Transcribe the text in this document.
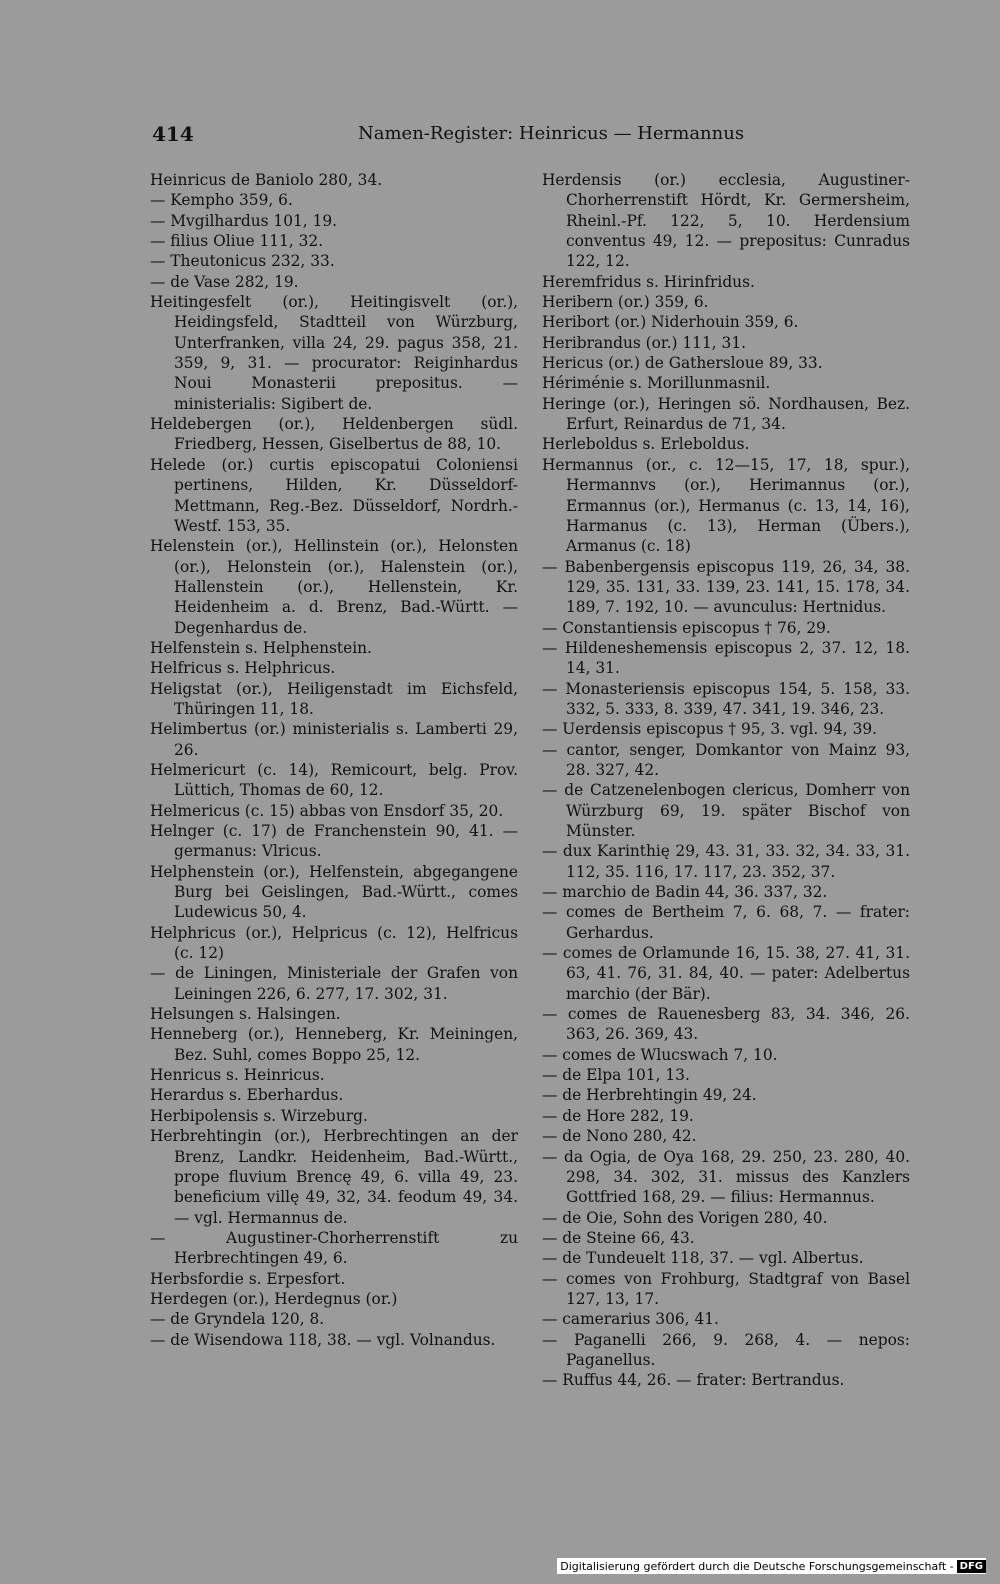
414	Namen-Register: Heinricus — Hermannus

Heinricus de Baniolo 280, 34.

— Kempho 359, 6.

— Mvgilhardus 101, 19.

— filius Oliue 111, 32.

— Theutonicus 232, 33.

— de Vase 282, 19.

Heitingesfelt (or.), Heitingisvelt (or.), Heidingsfeld, Stadtteil von Würzburg, Unterfranken, villa 24, 29. pagus 358, 21. 359, 9, 31. — procurator: Reiginhardus Noui Monasterii prepositus. — ministerialis: Sigibert de.

Heldebergen (or.), Heldenbergen südl. Friedberg, Hessen, Giselbertus de 88, 10.

Helede (or.) curtis episcopatui Coloniensi pertinens, Hilden, Kr. Düsseldorf-Mettmann, Reg.-Bez. Düsseldorf, Nordrh.-Westf. 153, 35.

Helenstein (or.), Hellinstein (or.), Helonsten (or.), Helonstein (or.), Halenstein (or.), Hallenstein (or.), Hellenstein, Kr. Heidenheim a. d. Brenz, Bad.-Württ. — Degenhardus de.

Helfenstein s. Helphenstein.

Helfricus s. Helphricus.

Heligstat (or.), Heiligenstadt im Eichsfeld, Thüringen 11, 18.

Helimbertus (or.) ministerialis s. Lamberti 29, 26.

Helmericurt (c. 14), Remicourt, belg. Prov. Lüttich, Thomas de 60, 12.

Helmericus (c. 15) abbas von Ensdorf 35, 20.

Helnger (c. 17) de Franchenstein 90, 41. — germanus: Vlricus.

Helphenstein (or.), Helfenstein, abgegangene Burg bei Geislingen, Bad.-Württ., comes Ludewicus 50, 4.

Helphricus (or.), Helpricus (c. 12), Helfricus (c. 12)

— de Liningen, Ministeriale der Grafen von Leiningen 226, 6. 277, 17. 302, 31.

Helsungen s. Halsingen.

Henneberg (or.), Henneberg, Kr. Meiningen, Bez. Suhl, comes Boppo 25, 12.

Henricus s. Heinricus.

Herardus s. Eberhardus.

Herbipolensis s. Wirzeburg.

Herbrehtingin (or.), Herbrechtingen an der Brenz, Landkr. Heidenheim, Bad.-Württ., prope fluvium Brencę 49, 6. villa 49, 23. beneficium villę 49, 32, 34. feodum 49, 34. — vgl. Hermannus de.

— Augustiner-Chorherrenstift zu Herbrechtingen 49, 6.

Herbsfordie s. Erpesfort.

Herdegen (or.), Herdegnus (or.)

— de Gryndela 120, 8.

— de Wisendowa 118, 38. — vgl. Volnandus.

Herdensis (or.) ecclesia, Augustiner-Chorherrenstift Hördt, Kr. Germersheim, Rheinl.-Pf. 122, 5, 10. Herdensium conventus 49, 12. — prepositus: Cunradus 122, 12.

Heremfridus s. Hirinfridus.

Heribern (or.) 359, 6.

Heribort (or.) Niderhouin 359, 6.

Heribrandus (or.) 111, 31.

Hericus (or.) de Gathersloue 89, 33.

Hériménie s. Morillunmasnil.

Heringe (or.), Heringen sö. Nordhausen, Bez. Erfurt, Reinardus de 71, 34.

Herleboldus s. Erleboldus.

Hermannus (or., c. 12—15, 17, 18, spur.), Hermannvs (or.), Herimannus (or.), Ermannus (or.), Hermanus (c. 13, 14, 16), Harmanus (c. 13), Herman (Übers.), Armanus (c. 18)

— Babenbergensis episcopus 119, 26, 34, 38. 129, 35. 131, 33. 139, 23. 141, 15. 178, 34. 189, 7. 192, 10. — avunculus: Hertnidus.

— Constantiensis episcopus † 76, 29.

— Hildeneshemensis episcopus 2, 37. 12, 18. 14, 31.

— Monasteriensis episcopus 154, 5. 158, 33. 332, 5. 333, 8. 339, 47. 341, 19. 346, 23.

— Uerdensis episcopus † 95, 3. vgl. 94, 39.

— cantor, senger, Domkantor von Mainz 93, 28. 327, 42.

— de Catzenelenbogen clericus, Domherr von Würzburg 69, 19. später Bischof von Münster.

— dux Karinthię 29, 43. 31, 33. 32, 34. 33, 31. 112, 35. 116, 17. 117, 23. 352, 37.

— marchio de Badin 44, 36. 337, 32.

— comes de Bertheim 7, 6. 68, 7. — frater: Gerhardus.

— comes de Orlamunde 16, 15. 38, 27. 41, 31. 63, 41. 76, 31. 84, 40. — pater: Adelbertus marchio (der Bär).

— comes de Rauenesberg 83, 34. 346, 26. 363, 26. 369, 43.

— comes de Wlucswach 7, 10.

— de Elpa 101, 13.

— de Herbrehtingin 49, 24.

— de Hore 282, 19.

— de Nono 280, 42.

— da Ogia, de Oya 168, 29. 250, 23. 280, 40. 298, 34. 302, 31. missus des Kanzlers Gottfried 168, 29. — filius: Hermannus.

— de Oie, Sohn des Vorigen 280, 40.

— de Steine 66, 43.

— de Tundeuelt 118, 37. — vgl. Albertus.

— comes von Frohburg, Stadtgraf von Basel 127, 13, 17.

— camerarius 306, 41.

— Paganelli 266, 9. 268, 4. — nepos: Paganellus.

— Ruffus 44, 26. — frater: Bertrandus.

Digitalisierung gefördert durch die Deutsche Forschungsgemeinschaft - DFG
